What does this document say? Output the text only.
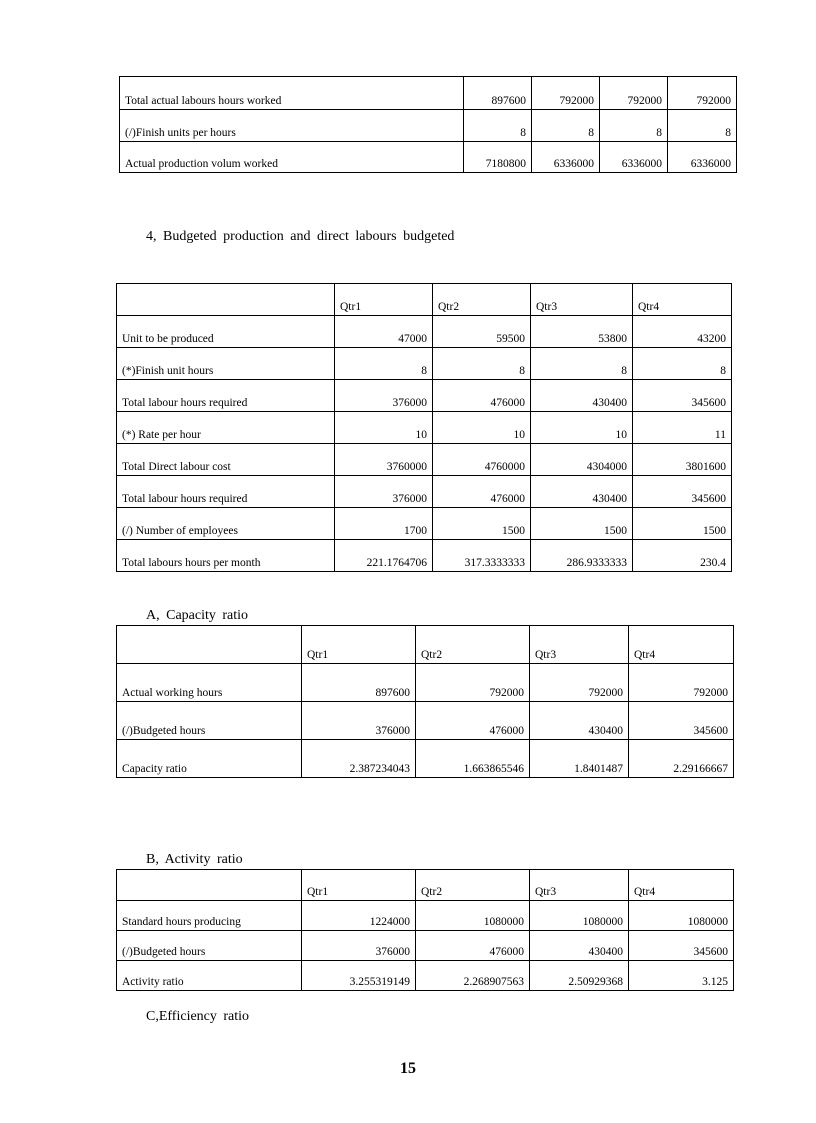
Total actual labours hours worked	897600	792000	792000	792000
(/)Finish units per hours	8	8	8	8
Actual production volum worked	7180800	6336000	6336000	6336000
4, Budgeted production and direct labours budgeted
	Qtr1	Qtr2	Qtr3	Qtr4
Unit to be produced	47000	59500	53800	43200
(*)Finish unit hours	8	8	8	8
Total labour hours required	376000	476000	430400	345600
(*) Rate per hour	10	10	10	11
Total Direct labour cost	3760000	4760000	4304000	3801600
Total labour hours required	376000	476000	430400	345600
(/) Number of employees	1700	1500	1500	1500
Total labours hours per month	221.1764706	317.3333333	286.9333333	230.4
A, Capacity ratio
	Qtr1	Qtr2	Qtr3	Qtr4
Actual working hours	897600	792000	792000	792000
(/)Budgeted hours	376000	476000	430400	345600
Capacity ratio	2.387234043	1.663865546	1.8401487	2.29166667
B, Activity ratio
	Qtr1	Qtr2	Qtr3	Qtr4
Standard hours producing	1224000	1080000	1080000	1080000
(/)Budgeted hours	376000	476000	430400	345600
Activity ratio	3.255319149	2.268907563	2.50929368	3.125
C,Efficiency ratio
15
